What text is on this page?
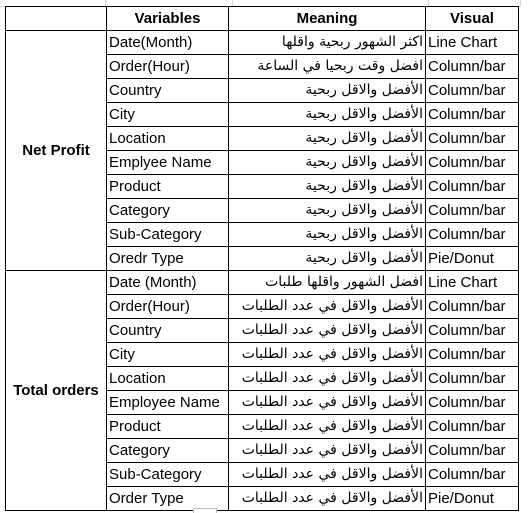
	Variables	Meaning	Visual
Net Profit	Date(Month)	اكثر الشهور ربحية واقلها	Line Chart
	Order(Hour)	افضل وقت ربحيا في الساعة	Column/bar
	Country	الأفضل والاقل ربحية	Column/bar
	City	الأفضل والاقل ربحية	Column/bar
	Location	الأفضل والاقل ربحية	Column/bar
	Emplyee Name	الأفضل والاقل ربحية	Column/bar
	Product	الأفضل والاقل ربحية	Column/bar
	Category	الأفضل والاقل ربحية	Column/bar
	Sub-Category	الأفضل والاقل ربحية	Column/bar
	Oredr Type	الأفضل والاقل ربحية	Pie/Donut
Total orders	Date (Month)	افضل الشهور واقلها طلبات	Line Chart
	Order(Hour)	الأفضل والاقل في عدد الطلبات	Column/bar
	Country	الأفضل والاقل في عدد الطلبات	Column/bar
	City	الأفضل والاقل في عدد الطلبات	Column/bar
	Location	الأفضل والاقل في عدد الطلبات	Column/bar
	Employee Name	الأفضل والاقل في عدد الطلبات	Column/bar
	Product	الأفضل والاقل في عدد الطلبات	Column/bar
	Category	الأفضل والاقل في عدد الطلبات	Column/bar
	Sub-Category	الأفضل والاقل في عدد الطلبات	Column/bar
	Order Type	الأفضل والاقل في عدد الطلبات	Pie/Donut
